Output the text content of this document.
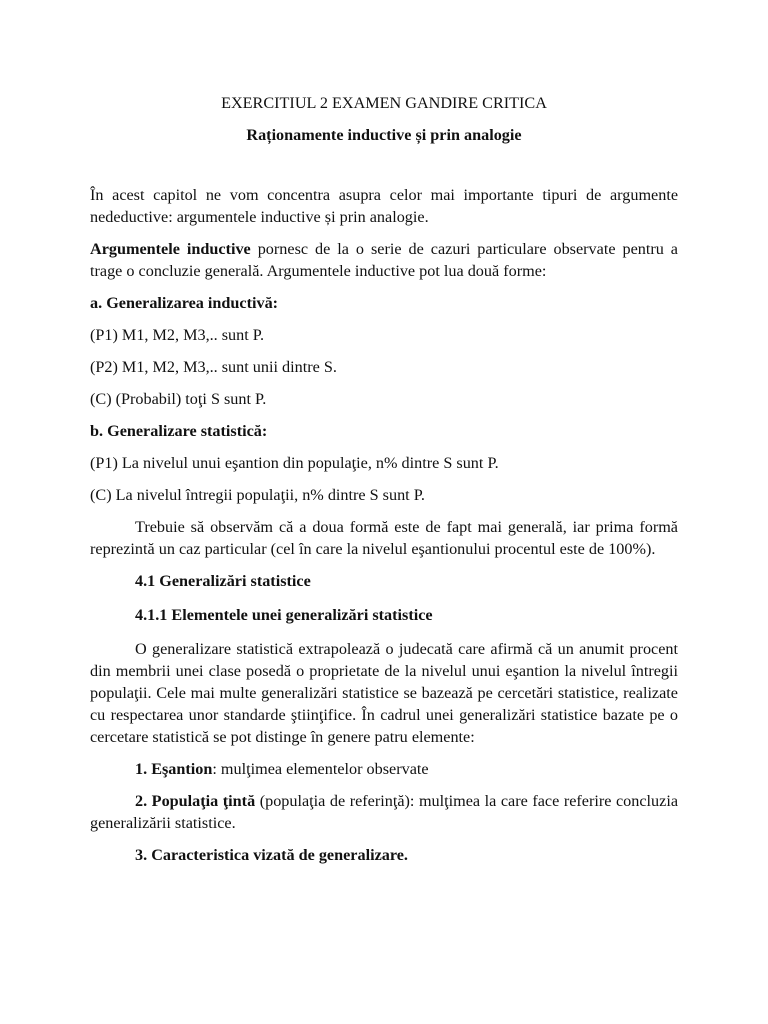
EXERCITIUL 2 EXAMEN GANDIRE CRITICA
Raționamente inductive și prin analogie

În acest capitol ne vom concentra asupra celor mai importante tipuri de argumente nedeductive: argumentele inductive și prin analogie.

Argumentele inductive pornesc de la o serie de cazuri particulare observate pentru a trage o concluzie generală. Argumentele inductive pot lua două forme:

a. Generalizarea inductivă:

(P1) M1, M2, M3,.. sunt P.

(P2) M1, M2, M3,.. sunt unii dintre S.

(C) (Probabil) toţi S sunt P.

b. Generalizare statistică:

(P1) La nivelul unui eşantion din populaţie, n% dintre S sunt P.

(C) La nivelul întregii populaţii, n% dintre S sunt P.

Trebuie să observăm că a doua formă este de fapt mai generală, iar prima formă reprezintă un caz particular (cel în care la nivelul eşantionului procentul este de 100%).

4.1 Generalizări statistice

4.1.1 Elementele unei generalizări statistice

O generalizare statistică extrapolează o judecată care afirmă că un anumit procent din membrii unei clase posedă o proprietate de la nivelul unui eşantion la nivelul întregii populaţii. Cele mai multe generalizări statistice se bazează pe cercetări statistice, realizate cu respectarea unor standarde ştiinţifice. În cadrul unei generalizări statistice bazate pe o cercetare statistică se pot distinge în genere patru elemente:

1. Eşantion: mulţimea elementelor observate

2. Populaţia ţintă (populaţia de referinţă): mulţimea la care face referire concluzia generalizării statistice.

3. Caracteristica vizată de generalizare.
